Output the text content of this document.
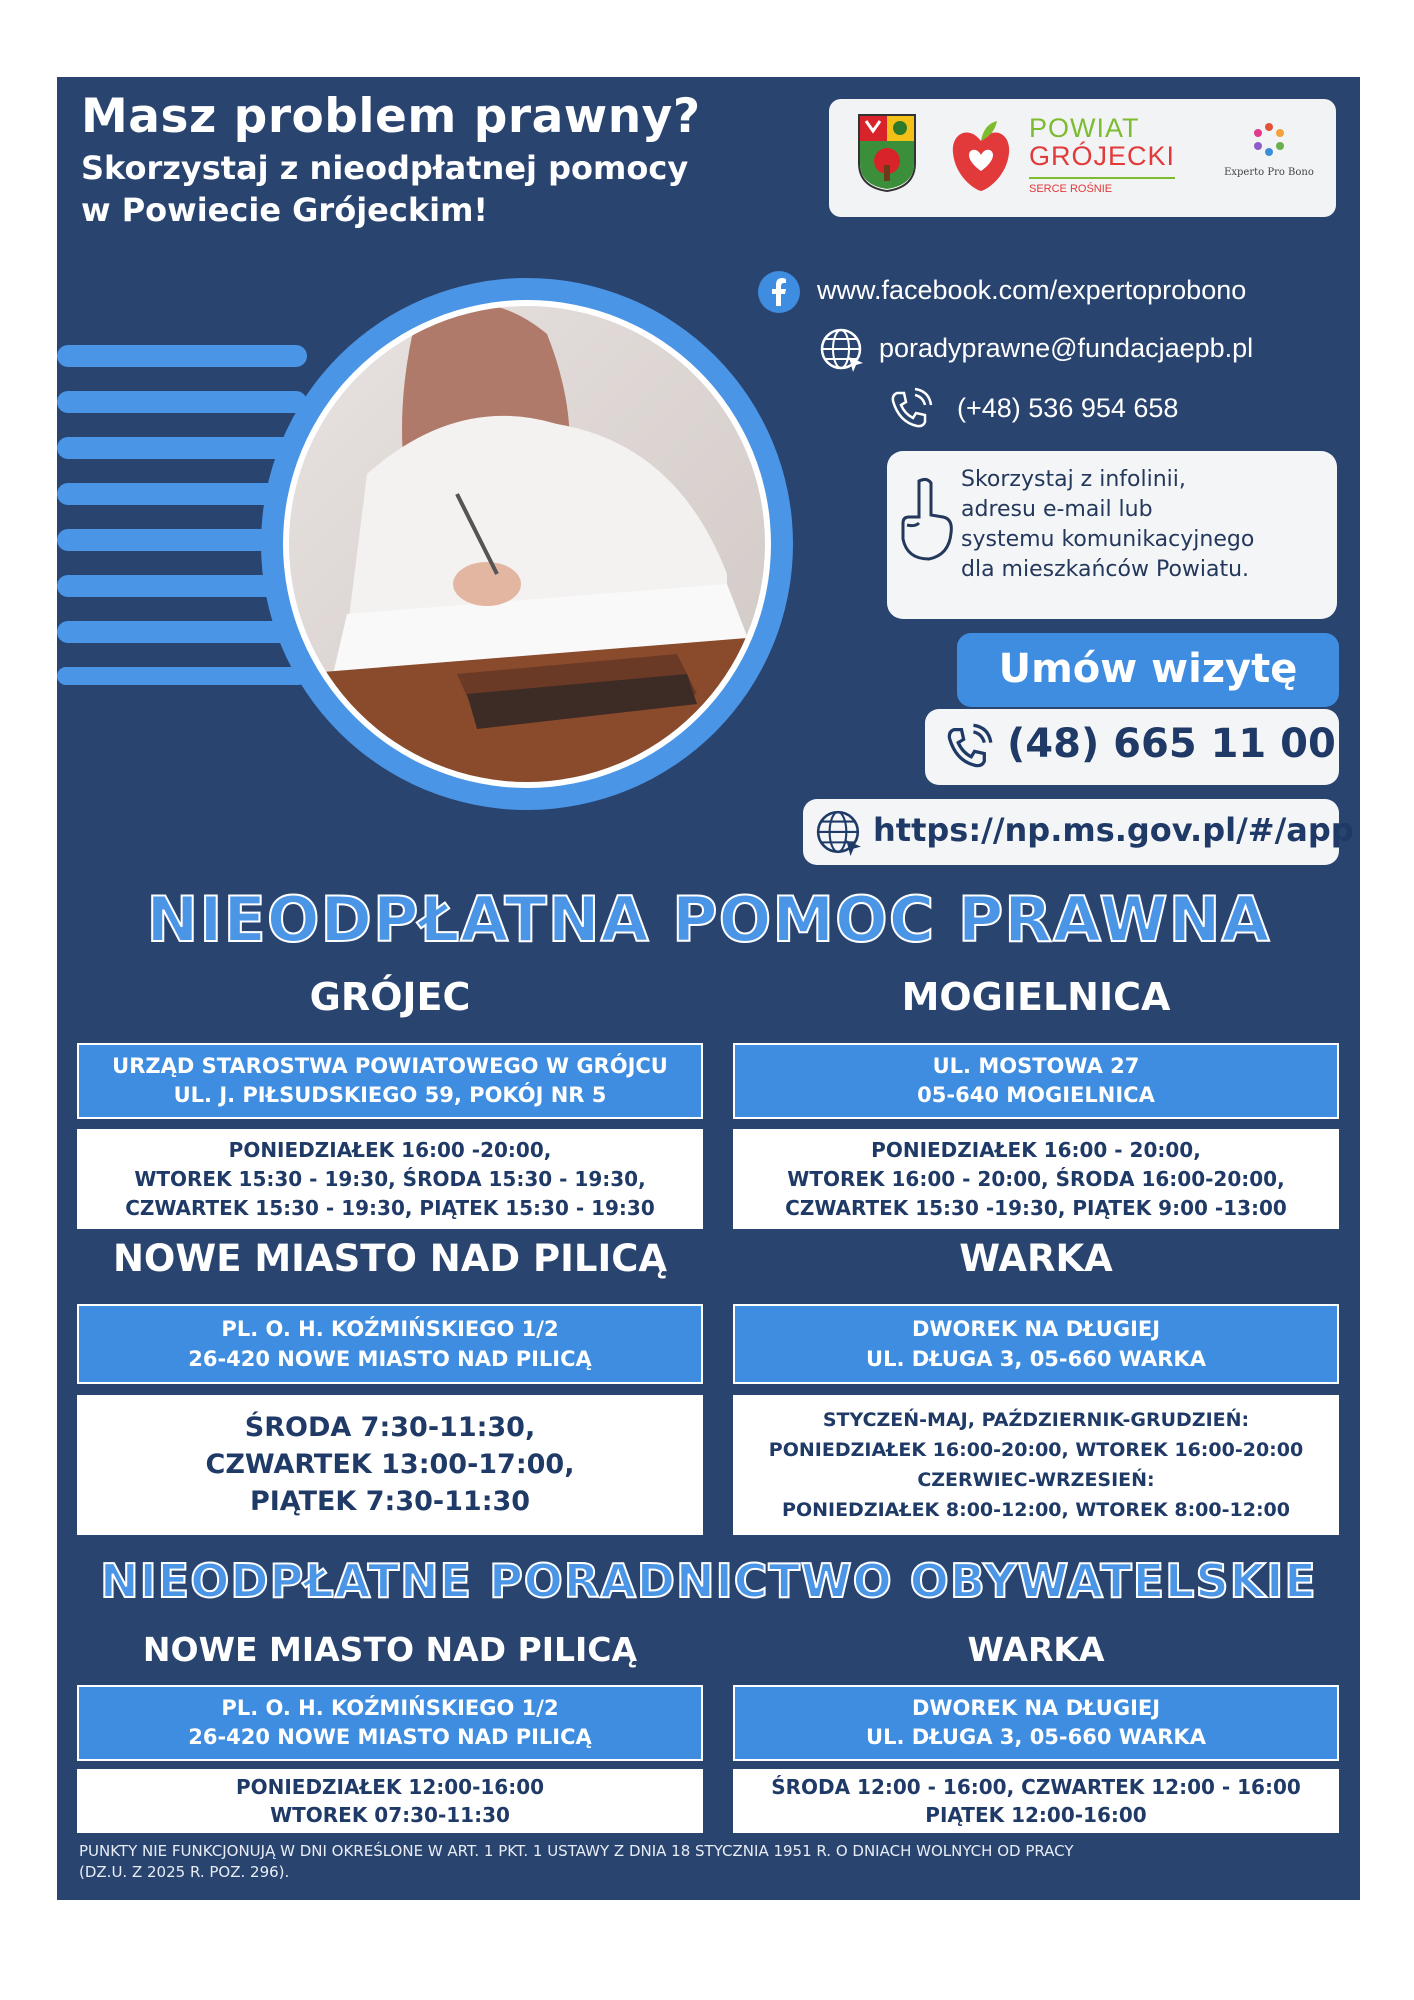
Masz problem prawny?
Skorzystaj z nieodpłatnej pomocy
w Powiecie Grójeckim!
POWIAT
GRÓJECKI
SERCE ROŚNIE
Experto Pro Bono
www.facebook.com/expertoprobono
poradyprawne@fundacjaepb.pl
(+48) 536 954 658
Skorzystaj z infolinii,
adresu e-mail lub
systemu komunikacyjnego
dla mieszkańców Powiatu.
Umów wizytę
(48) 665 11 00
https://np.ms.gov.pl/#/app
NIEODPŁATNA POMOC PRAWNA
GRÓJEC	MOGIELNICA
URZĄD STAROSTWA POWIATOWEGO W GRÓJCU
UL. J. PIŁSUDSKIEGO 59, POKÓJ NR 5
UL. MOSTOWA 27
05-640 MOGIELNICA
PONIEDZIAŁEK 16:00 -20:00,
WTOREK 15:30 - 19:30, ŚRODA 15:30 - 19:30,
CZWARTEK 15:30 - 19:30, PIĄTEK 15:30 - 19:30
PONIEDZIAŁEK 16:00 - 20:00,
WTOREK 16:00 - 20:00, ŚRODA 16:00-20:00,
CZWARTEK 15:30 -19:30, PIĄTEK 9:00 -13:00
NOWE MIASTO NAD PILICĄ	WARKA
PL. O. H. KOŹMIŃSKIEGO 1/2
26-420 NOWE MIASTO NAD PILICĄ
DWOREK NA DŁUGIEJ
UL. DŁUGA 3, 05-660 WARKA
ŚRODA 7:30-11:30,
CZWARTEK 13:00-17:00,
PIĄTEK 7:30-11:30
STYCZEŃ-MAJ, PAŹDZIERNIK-GRUDZIEŃ:
PONIEDZIAŁEK 16:00-20:00, WTOREK 16:00-20:00
CZERWIEC-WRZESIEŃ:
PONIEDZIAŁEK 8:00-12:00, WTOREK 8:00-12:00
NIEODPŁATNE PORADNICTWO OBYWATELSKIE
NOWE MIASTO NAD PILICĄ	WARKA
PL. O. H. KOŹMIŃSKIEGO 1/2
26-420 NOWE MIASTO NAD PILICĄ
DWOREK NA DŁUGIEJ
UL. DŁUGA 3, 05-660 WARKA
PONIEDZIAŁEK 12:00-16:00
WTOREK 07:30-11:30
ŚRODA 12:00 - 16:00, CZWARTEK 12:00 - 16:00
PIĄTEK 12:00-16:00
PUNKTY NIE FUNKCJONUJĄ W DNI OKREŚLONE W ART. 1 PKT. 1 USTAWY Z DNIA 18 STYCZNIA 1951 R. O DNIACH WOLNYCH OD PRACY
(DZ.U. Z 2025 R. POZ. 296).
